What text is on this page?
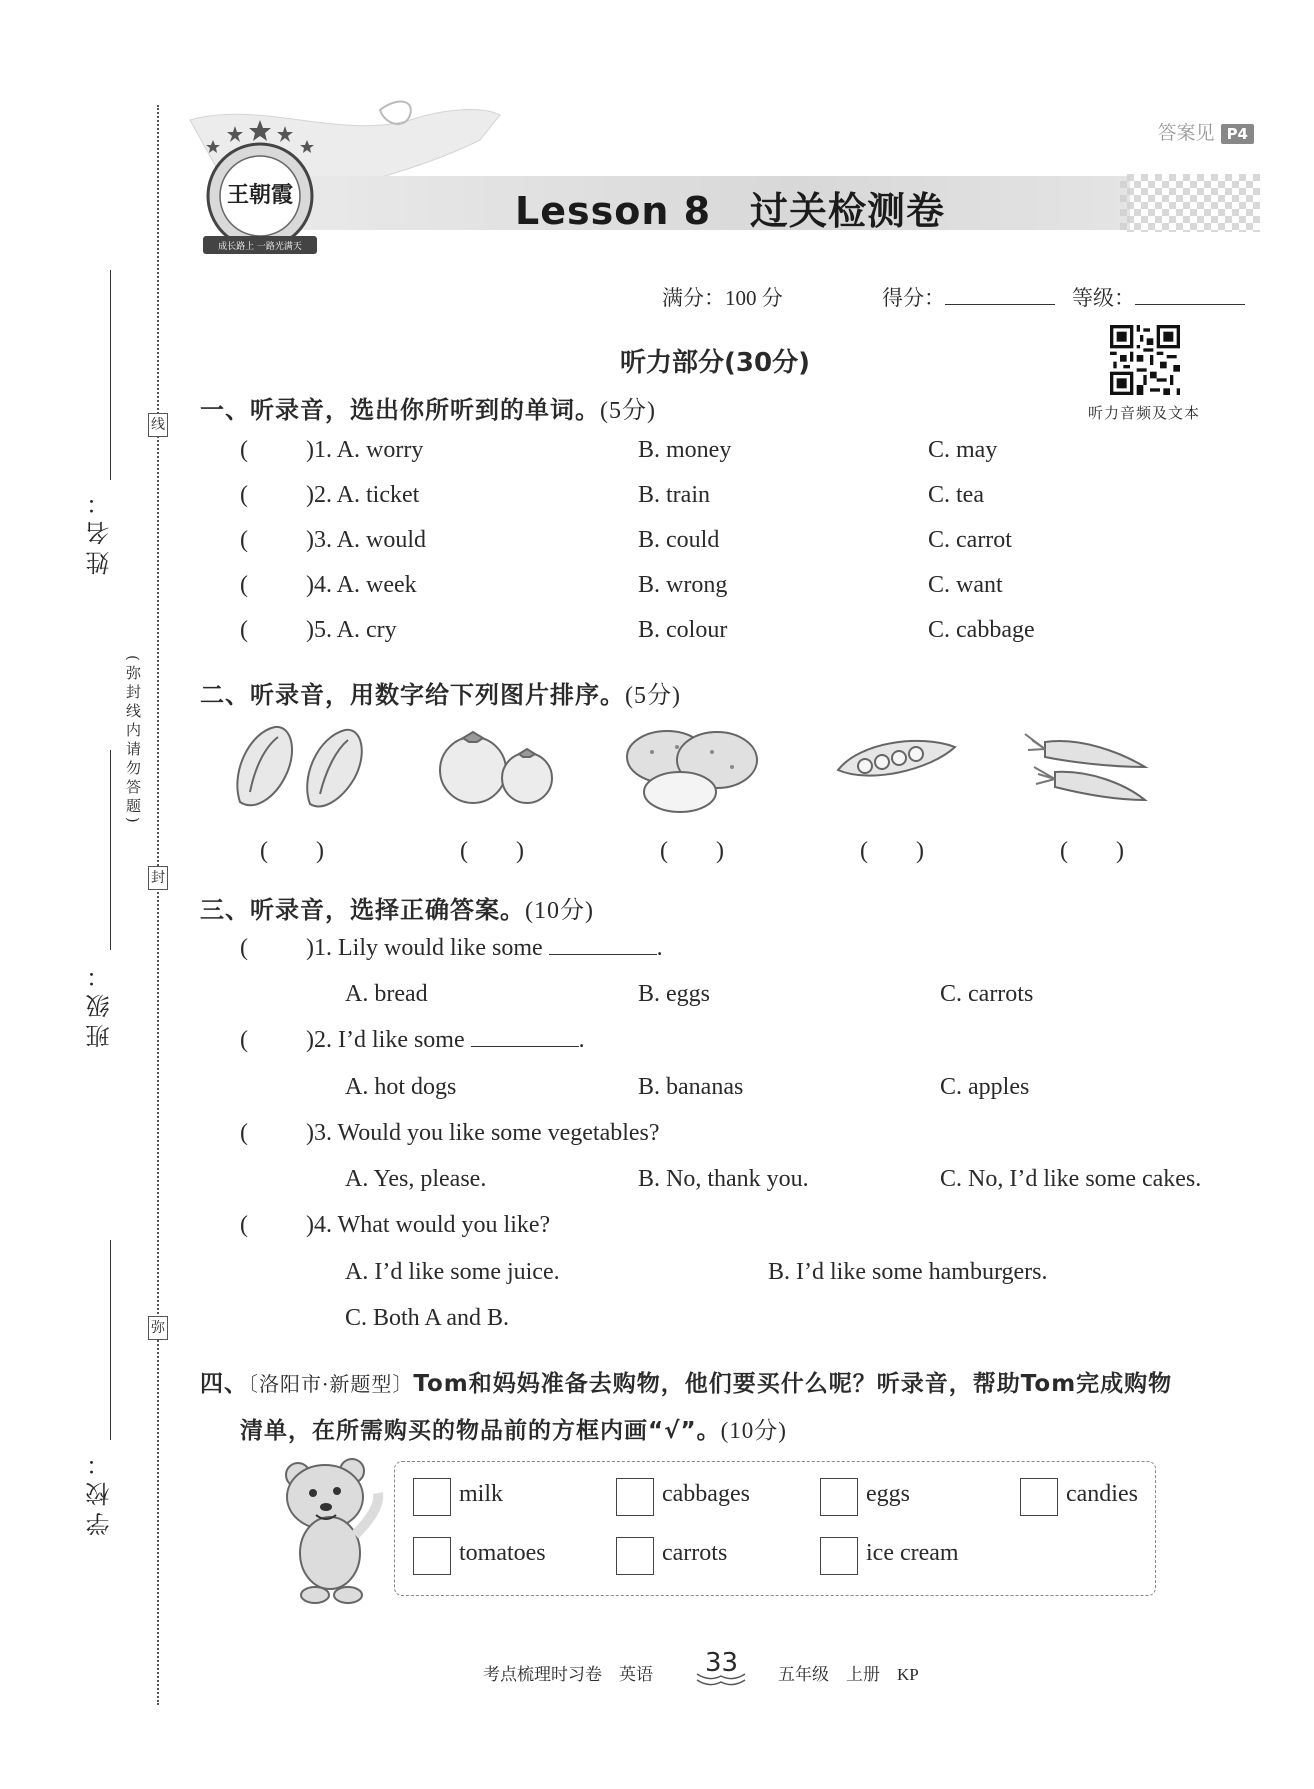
线
封
弥
姓名：
班级：
学校：
(弥封线内请勿答题)
答案见 P4
Lesson 8　过关检测卷
王朝霞
成长路上 一路光满天
满分：100 分	得分：	等级：
听力音频及文本
听力部分(30分)
一、听录音，选出你所听到的单词。(5分)
( )1. A. worry	B. money	C. may
( )2. A. ticket	B. train	C. tea
( )3. A. would	B. could	C. carrot
( )4. A. week	B. wrong	C. want
( )5. A. cry	B. colour	C. cabbage
二、听录音，用数字给下列图片排序。(5分)
(　　)	(　　)	(　　)	(　　)	(　　)
三、听录音，选择正确答案。(10分)
( )1. Lily would like some	.
A. bread	B. eggs	C. carrots
( )2. I’d like some	.
A. hot dogs	B. bananas	C. apples
( )3. Would you like some vegetables?
A. Yes, please.	B. No, thank you.	C. No, I’d like some cakes.
( )4. What would you like?
A. I’d like some juice.	B. I’d like some hamburgers.
C. Both A and B.
四、〔洛阳市·新题型〕Tom和妈妈准备去购物，他们要买什么呢？听录音，帮助Tom完成购物
清单，在所需购买的物品前的方框内画“√”。(10分)
milk	cabbages	eggs	candies
tomatoes	carrots	ice cream
考点梳理时习卷　英语 33 五年级　上册　KP
